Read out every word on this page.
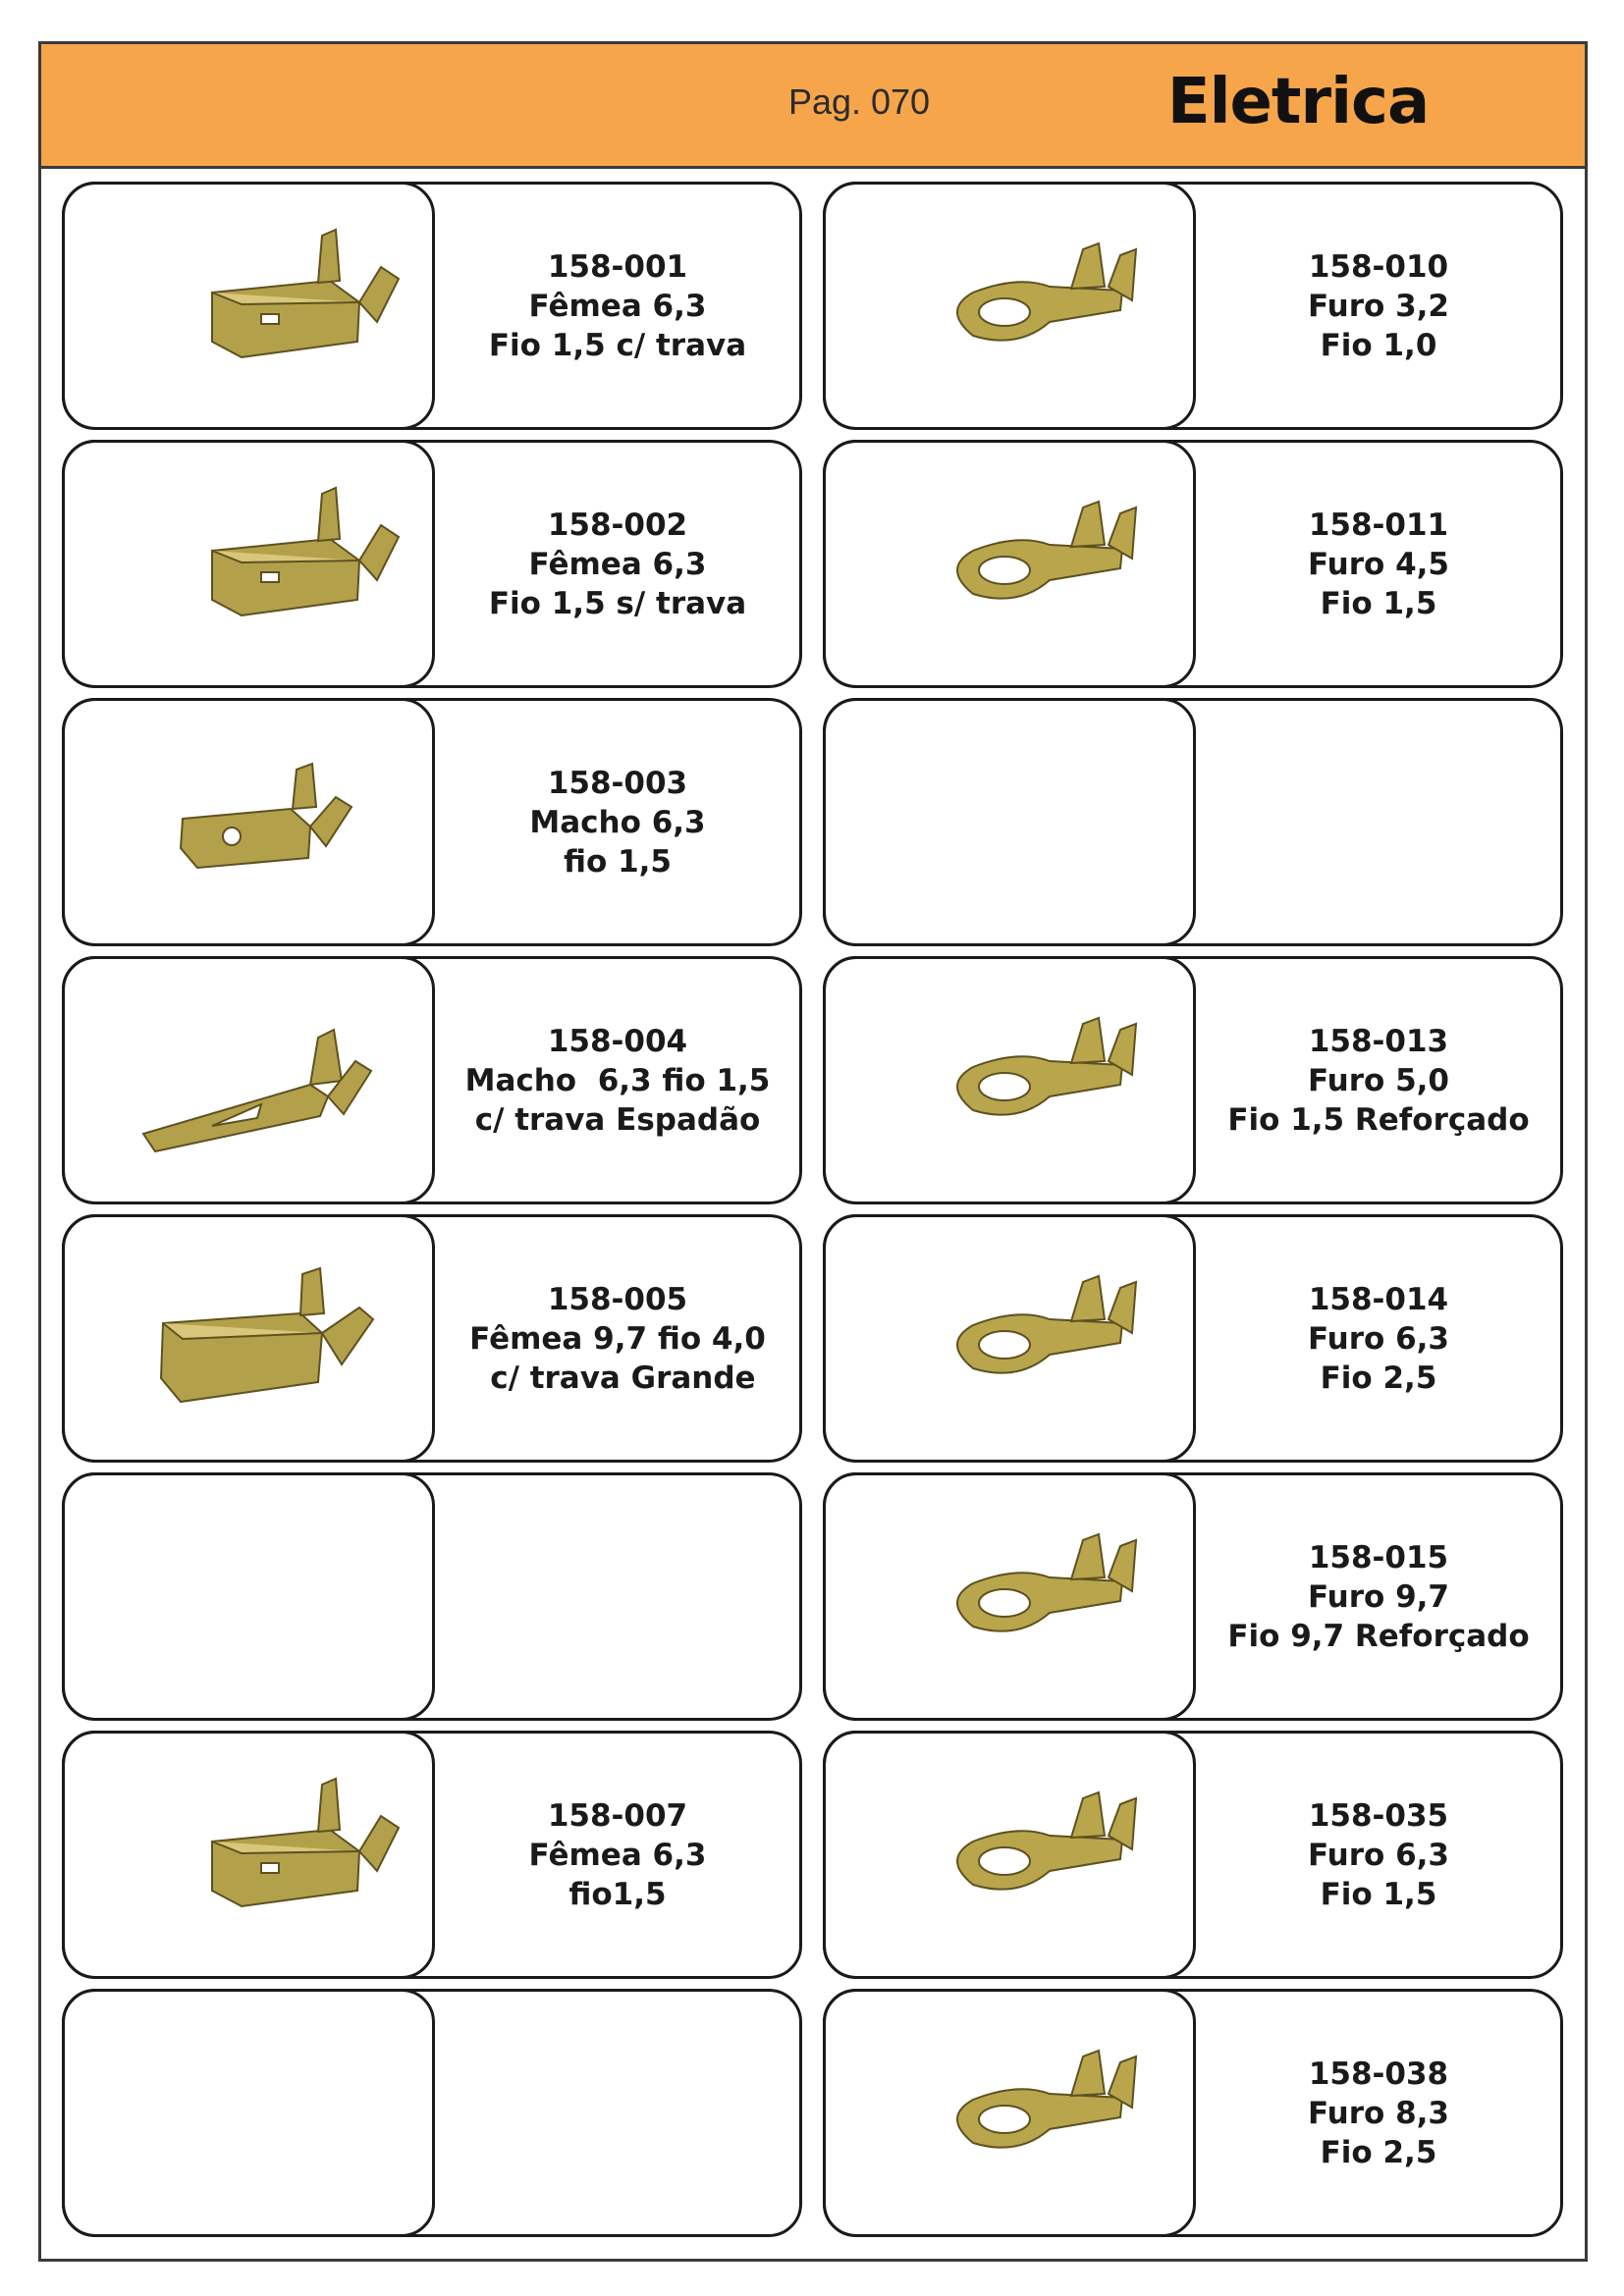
Pag. 070	Eletrica
158-001
Fêmea 6,3
Fio 1,5 c/ trava
158-002
Fêmea 6,3
Fio 1,5 s/ trava
158-003
Macho 6,3
fio 1,5
158-004
Macho  6,3 fio 1,5
c/ trava Espadão
158-005
Fêmea 9,7 fio 4,0
c/ trava Grande
158-007
Fêmea 6,3
fio1,5
158-010
Furo 3,2
Fio 1,0
158-011
Furo 4,5
Fio 1,5
158-013
Furo 5,0
Fio 1,5 Reforçado
158-014
Furo 6,3
Fio 2,5
158-015
Furo 9,7
Fio 9,7 Reforçado
158-035
Furo 6,3
Fio 1,5
158-038
Furo 8,3
Fio 2,5
